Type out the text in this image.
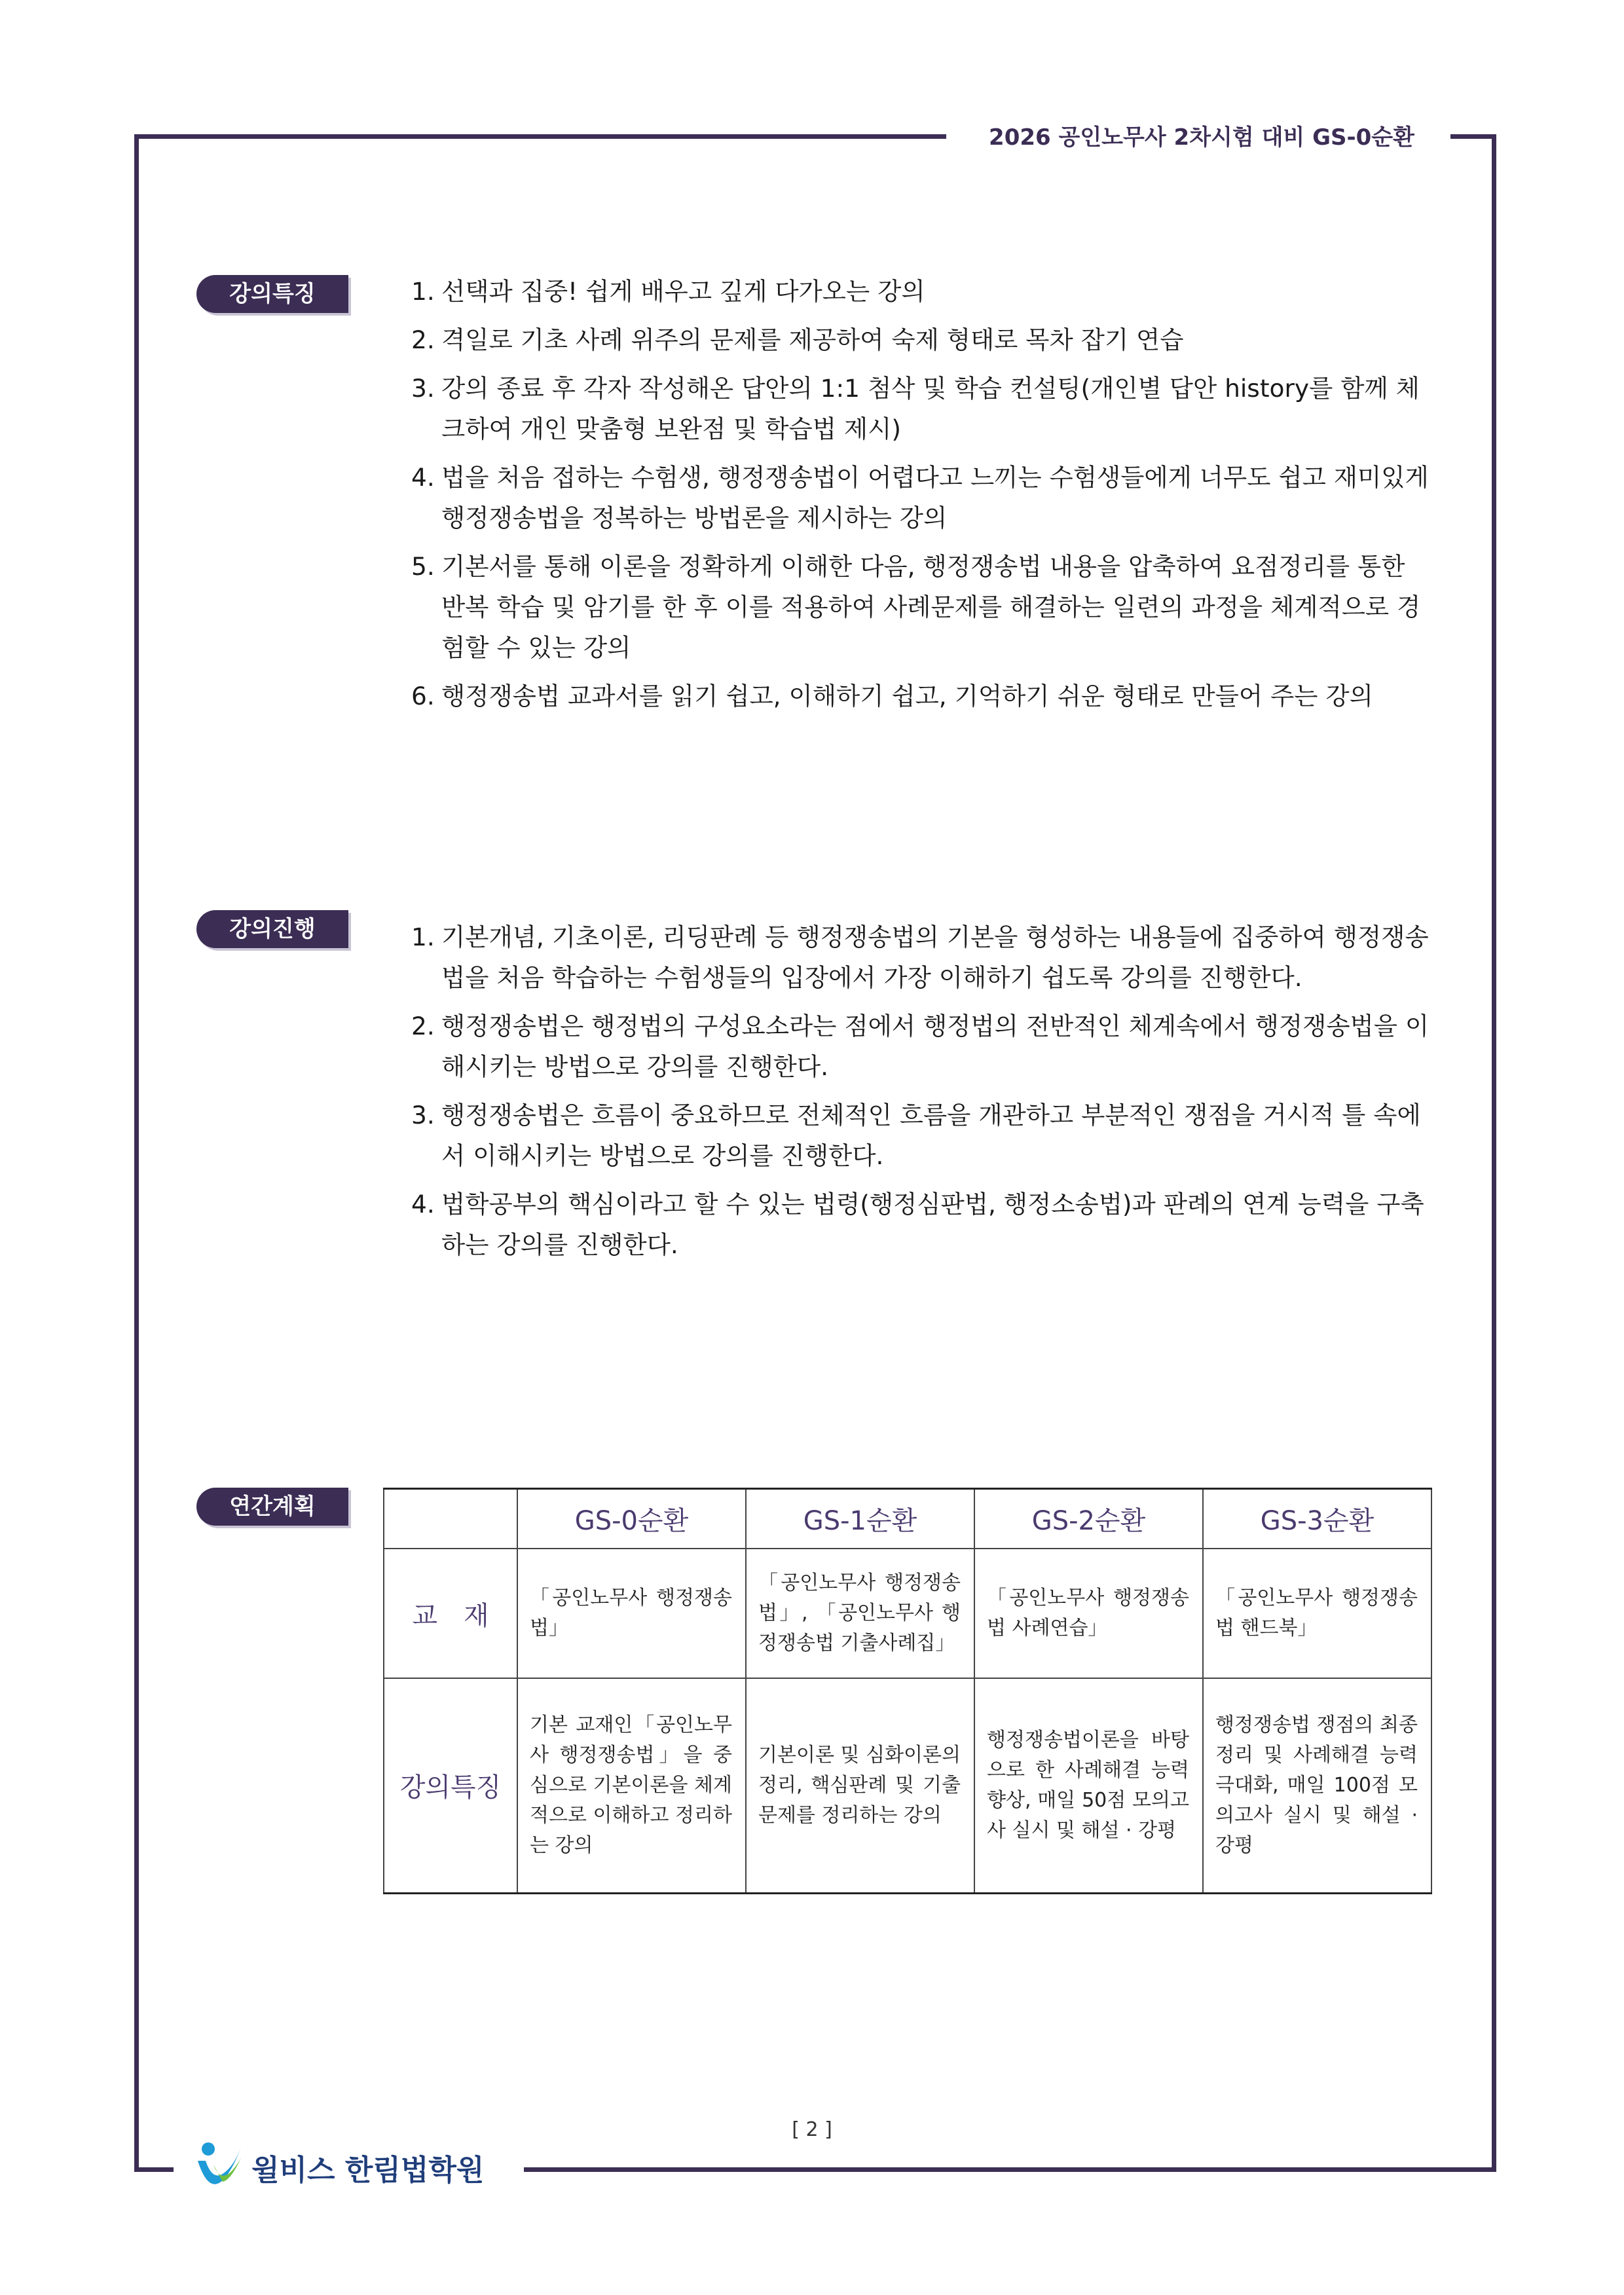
2026 공인노무사 2차시험 대비 GS-0순환
강의특징	1. 선택과 집중! 쉽게 배우고 깊게 다가오는 강의
2. 격일로 기초 사례 위주의 문제를 제공하여 숙제 형태로 목차 잡기 연습
3. 강의 종료 후 각자 작성해온 답안의 1:1 첨삭 및 학습 컨설팅(개인별 답안 history를 함께 체크하여 개인 맞춤형 보완점 및 학습법 제시)
4. 법을 처음 접하는 수험생, 행정쟁송법이 어렵다고 느끼는 수험생들에게 너무도 쉽고 재미있게 행정쟁송법을 정복하는 방법론을 제시하는 강의
5. 기본서를 통해 이론을 정확하게 이해한 다음, 행정쟁송법 내용을 압축하여 요점정리를 통한 반복 학습 및 암기를 한 후 이를 적용하여 사례문제를 해결하는 일련의 과정을 체계적으로 경험할 수 있는 강의
6. 행정쟁송법 교과서를 읽기 쉽고, 이해하기 쉽고, 기억하기 쉬운 형태로 만들어 주는 강의
강의진행	1. 기본개념, 기초이론, 리딩판례 등 행정쟁송법의 기본을 형성하는 내용들에 집중하여 행정쟁송법을 처음 학습하는 수험생들의 입장에서 가장 이해하기 쉽도록 강의를 진행한다.
2. 행정쟁송법은 행정법의 구성요소라는 점에서 행정법의 전반적인 체계속에서 행정쟁송법을 이해시키는 방법으로 강의를 진행한다.
3. 행정쟁송법은 흐름이 중요하므로 전체적인 흐름을 개관하고 부분적인 쟁점을 거시적 틀 속에서 이해시키는 방법으로 강의를 진행한다.
4. 법학공부의 핵심이라고 할 수 있는 법령(행정심판법, 행정소송법)과 판례의 연계 능력을 구축하는 강의를 진행한다.
연간계획
		GS-0순환	GS-1순환	GS-2순환	GS-3순환
교　재	「공인노무사 행정쟁송법」	「공인노무사 행정쟁송법」, 「공인노무사 행정쟁송법 기출사례집」	「공인노무사 행정쟁송법 사례연습」	「공인노무사 행정쟁송법 핸드북」
강의특징	기본 교재인「공인노무사 행정쟁송법」을 중심으로 기본이론을 체계적으로 이해하고 정리하는 강의	기본이론 및 심화이론의 정리, 핵심판례 및 기출문제를 정리하는 강의	행정쟁송법이론을 바탕으로 한 사례해결 능력 향상, 매일 50점 모의고사 실시 및 해설 · 강평	행정쟁송법 쟁점의 최종정리 및 사례해결 능력 극대화, 매일 100점 모의고사 실시 및 해설 · 강평
[ 2 ]
윌비스 한림법학원
